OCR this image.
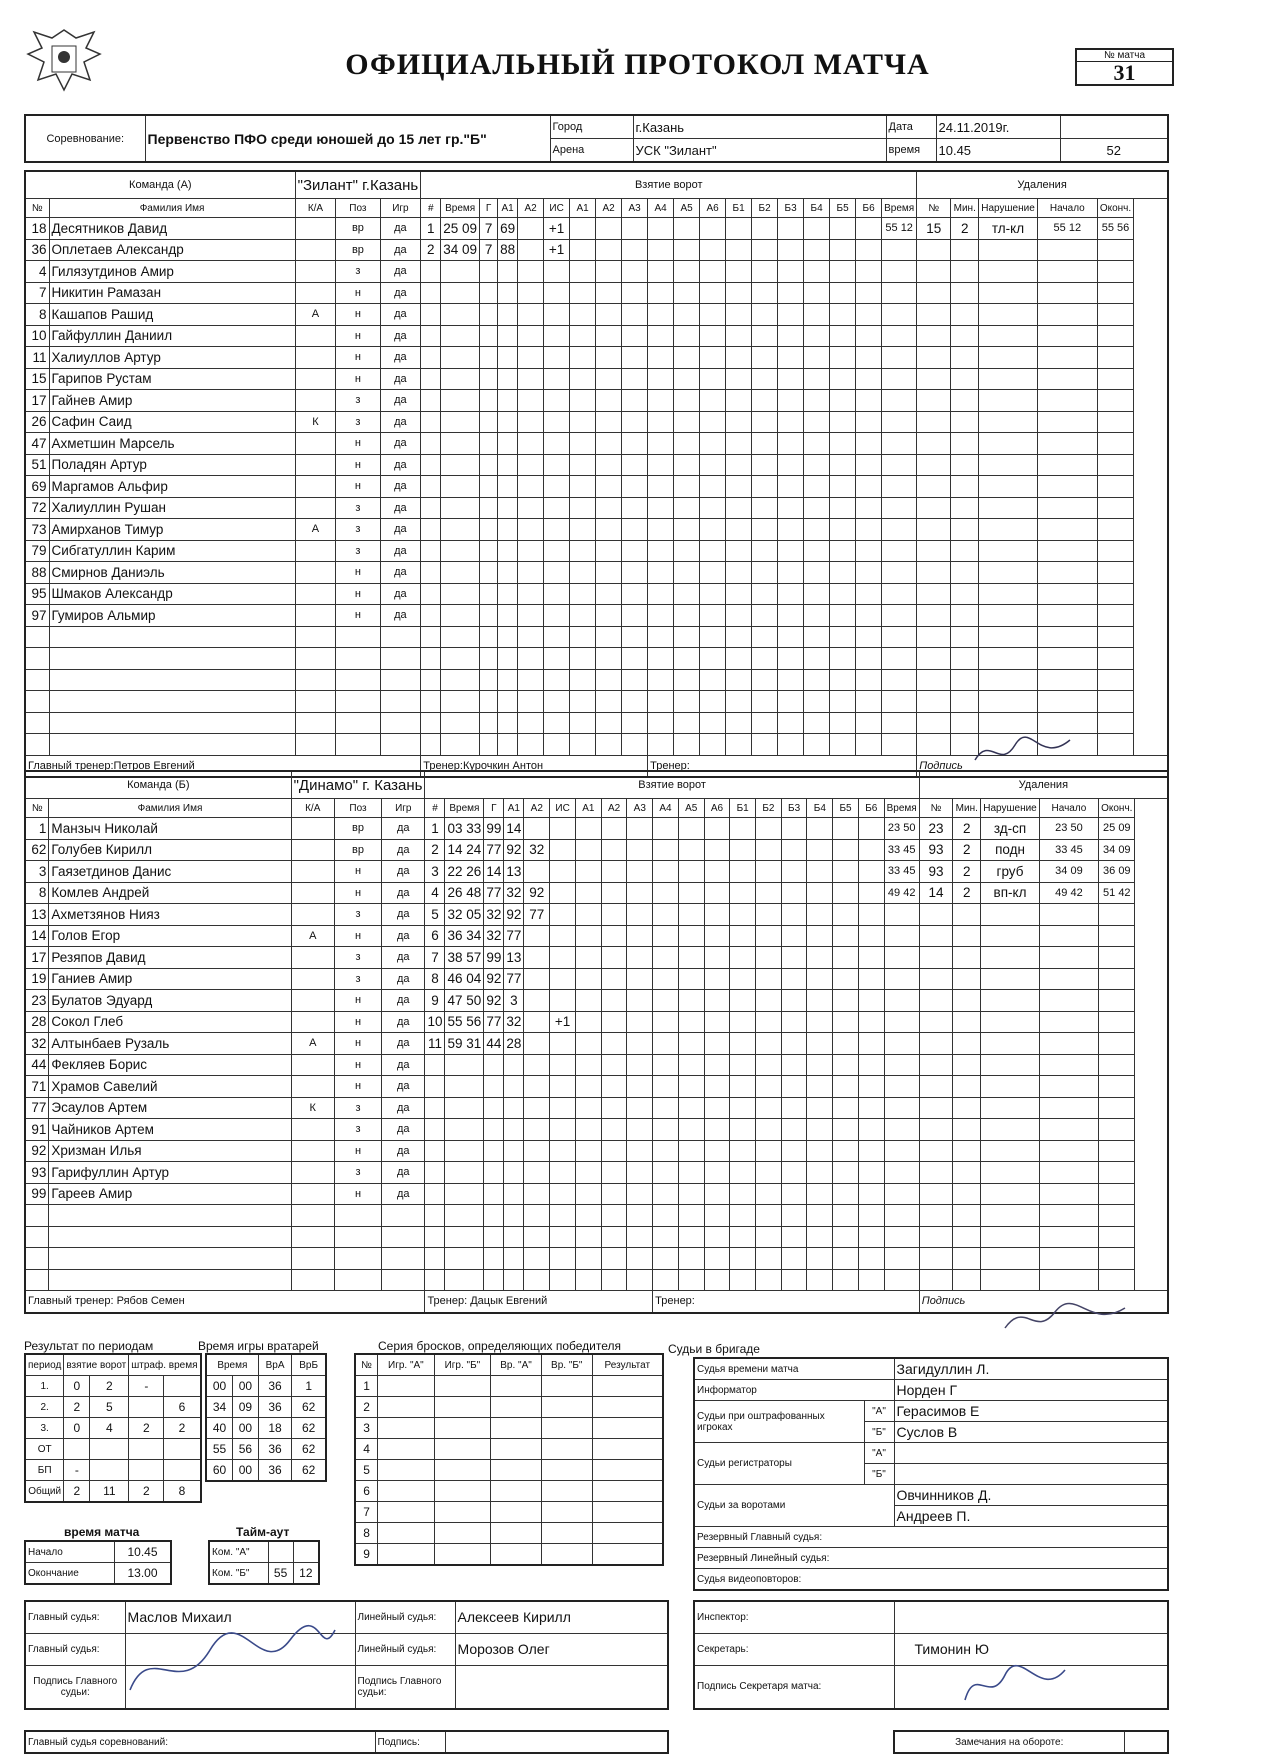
ОФИЦИАЛЬНЫЙ ПРОТОКОЛ МАТЧА	№ матча
31
Соревнование:	Первенство ПФО среди юношей до 15 лет гр."Б"	Город	г.Казань	Дата	24.11.2019г.	
		Арена	УСК "Зилант"	время	10.45	52
Команда (А)		"Зилант" г.Казань			Взятие ворот																			Удаления				
№	Фамилия Имя	К/А	Поз	Игр	#	Время	Г	А1	А2	ИС	А1	А2	А3	А4	А5	А6	Б1	Б2	Б3	Б4	Б5	Б6	Время	№	Мин.	Нарушение	Начало	Оконч.
18	Десятников Давид		вр	да	1	25 09	7	69		+1													55 12	15	2	тл-кл	55 12	55 56
36	Оплетаев Александр		вр	да	2	34 09	7	88		+1																		
4	Гилязутдинов Амир		з	да																								
7	Никитин Рамазан		н	да																								
8	Кашапов Рашид	А	н	да																								
10	Гайфуллин Даниил		н	да																								
11	Халиуллов Артур		н	да																								
15	Гарипов Рустам		н	да																								
17	Гайнев Амир		з	да																								
26	Сафин Саид	К	з	да																								
47	Ахметшин Марсель		н	да																								
51	Поладян Артур		н	да																								
69	Маргамов Альфир		н	да																								
72	Халиуллин Рушан		з	да																								
73	Амирханов Тимур	А	з	да																								
79	Сибгатуллин Карим		з	да																								
88	Смирнов Даниэль		н	да																								
95	Шмаков Александр		н	да																								
97	Гумиров Альмир		н	да																								

Главный тренер:Петров Евгений					Тренер:Курочкин Антон									Тренер:										Подпись				
Команда (Б)		"Динамо" г. Казань			Взятие ворот																			Удаления				
№	Фамилия Имя	К/А	Поз	Игр	#	Время	Г	А1	А2	ИС	А1	А2	А3	А4	А5	А6	Б1	Б2	Б3	Б4	Б5	Б6	Время	№	Мин.	Нарушение	Начало	Оконч.
1	Манзыч Николай		вр	да	1	03 33	99	14															23 50	23	2	зд-сп	23 50	25 09
62	Голубев Кирилл		вр	да	2	14 24	77	92	32														33 45	93	2	подн	33 45	34 09
3	Гаязетдинов Данис		н	да	3	22 26	14	13															33 45	93	2	груб	34 09	36 09
8	Комлев Андрей		н	да	4	26 48	77	32	92														49 42	14	2	вп-кл	49 42	51 42
13	Ахметзянов Нияз		з	да	5	32 05	32	92	77																			
14	Голов Егор	А	н	да	6	36 34	32	77																				
17	Резяпов Давид		з	да	7	38 57	99	13																				
19	Ганиев Амир		з	да	8	46 04	92	77																				
23	Булатов Эдуард		н	да	9	47 50	92	3																				
28	Сокол Глеб		н	да	10	55 56	77	32		+1																		
32	Алтынбаев Рузаль	А	н	да	11	59 31	44	28																				
44	Фекляев Борис		н	да																								
71	Храмов Савелий		н	да																								
77	Эсаулов Артем	К	з	да																								
91	Чайников Артем		з	да																								
92	Хризман Илья		н	да																								
93	Гарифуллин Артур		з	да																								
99	Гареев Амир		н	да																								

Главный тренер: Рябов Семен					Тренер: Дацык Евгений									Тренер:										Подпись				
Результат по периодам
период	взятие ворот		штраф. время	
1.	0	2	-	
2.	2	5		6
3.	0	4	2	2
ОТ				
БП	-			
Общий	2	11	2	8
Время игры вратарей
Время		ВрА	ВрБ
00	00	36	1
34	09	36	62
40	00	18	62
55	56	36	62
60	00	36	62
Серия бросков, определяющих победителя
№	Игр. "А"	Игр. "Б"	Вр. "А"	Вр. "Б"	Результат
1					
2					
3					
4					
5					
6					
7					
8					
9					
время матча
Начало	10.45
Окончание	13.00
Тайм-аут
Ком. "А"		
Ком. "Б"	55	12
Судьи в бригаде
Судья времени матча		Загидуллин Л.
Информатор		Норден Г
Судьи при оштрафованных игроках	"А"	Герасимов Е
	"Б"	Суслов В
Судьи регистраторы	"А"	
	"Б"	
Судьи за воротами		Овчинников Д.
		Андреев П.
Резервный Главный судья:		
Резервный Линейный судья:		
Судья видеоповторов:		
Главный судья:	Маслов Михаил	Линейный судья:	Алексеев Кирилл
Главный судья:		Линейный судья:	Морозов Олег
Подпись Главного судьи:		Подпись Главного судьи:	
Инспектор:	
Секретарь:	Тимонин Ю
Подпись Секретаря матча:	
Главный судья соревнований:	Подпись:		Замечания на обороте:	
